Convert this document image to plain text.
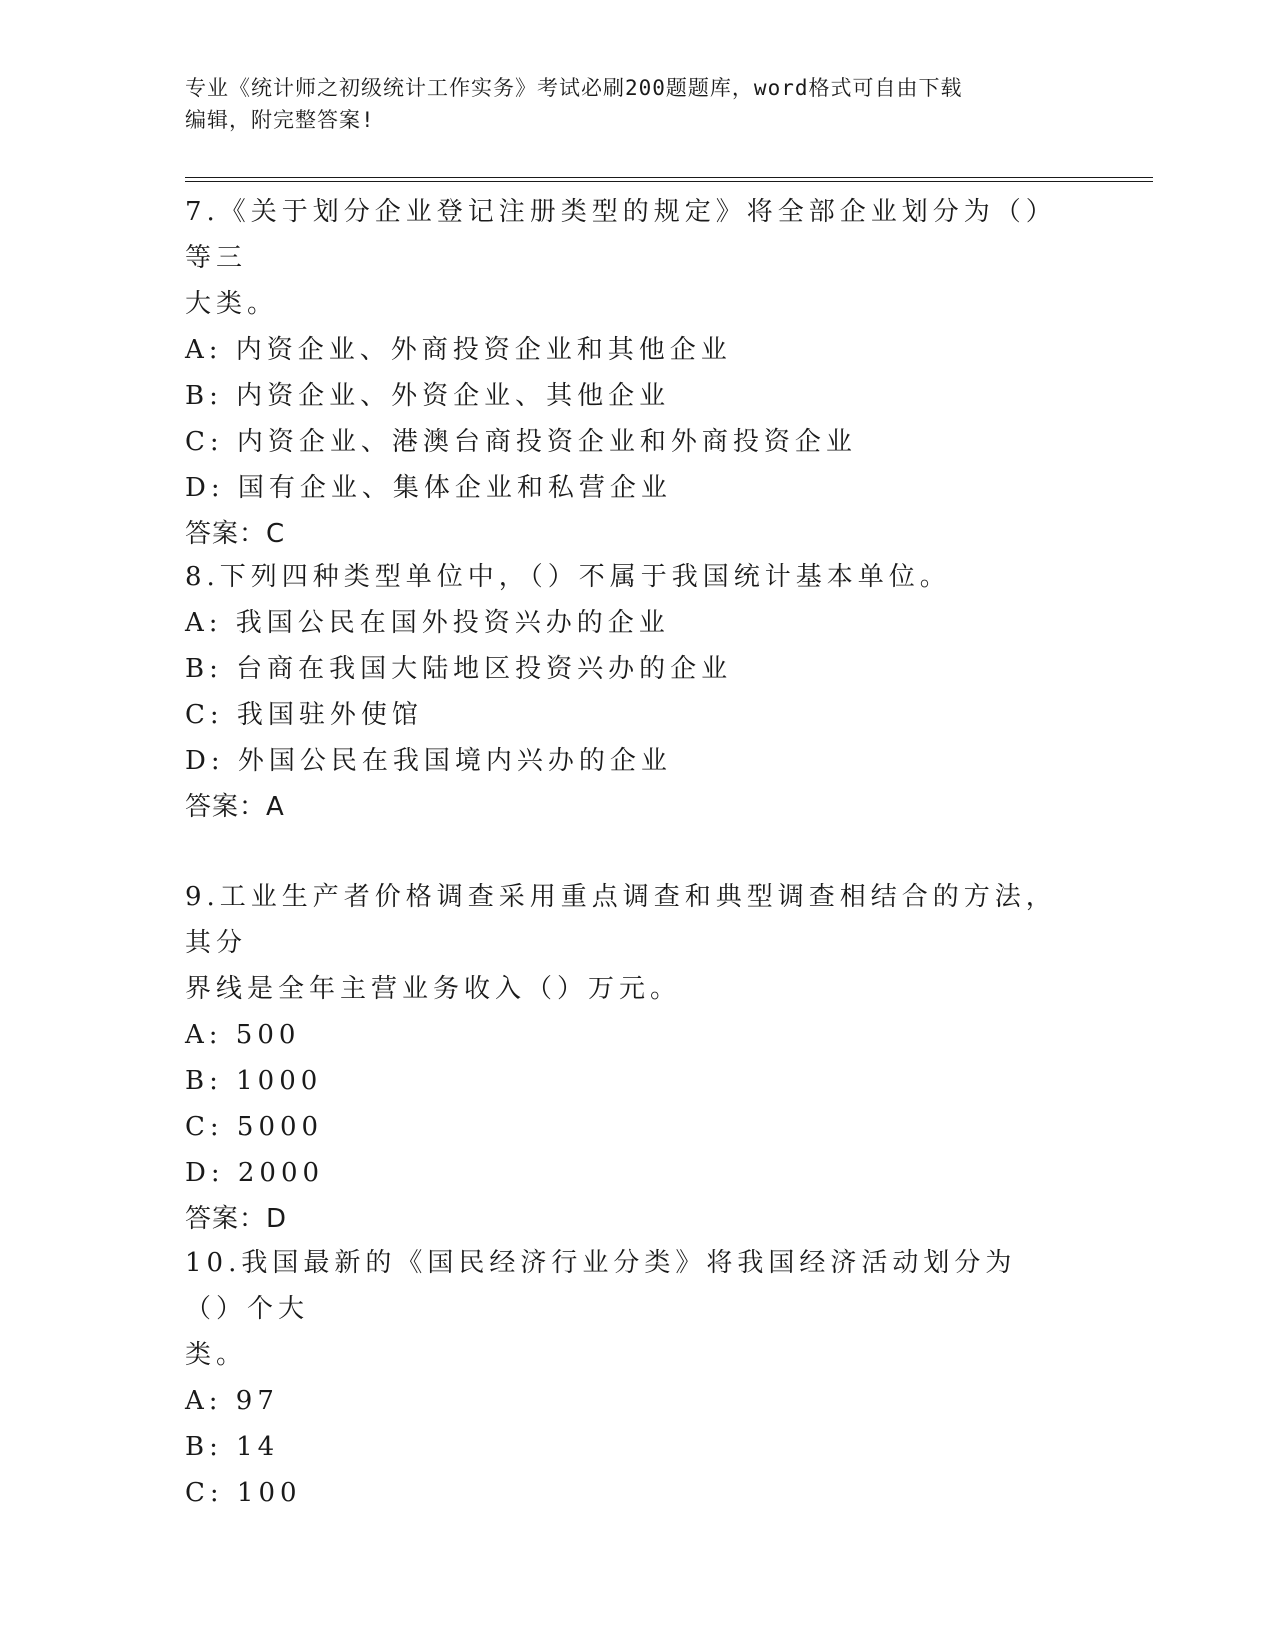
专业《统计师之初级统计工作实务》考试必刷200题题库，word格式可自由下载
编辑，附完整答案!

7.《关于划分企业登记注册类型的规定》将全部企业划分为（）等三

大类。

A: 内资企业、外商投资企业和其他企业

B: 内资企业、外资企业、其他企业

C: 内资企业、港澳台商投资企业和外商投资企业

D: 国有企业、集体企业和私营企业

答案：C

8.下列四种类型单位中，（）不属于我国统计基本单位。

A: 我国公民在国外投资兴办的企业

B: 台商在我国大陆地区投资兴办的企业

C: 我国驻外使馆

D: 外国公民在我国境内兴办的企业

答案：A

9.工业生产者价格调查采用重点调查和典型调查相结合的方法，其分

界线是全年主营业务收入（）万元。

A: 500

B: 1000

C: 5000

D: 2000

答案：D

10.我国最新的《国民经济行业分类》将我国经济活动划分为（）个大

类。

A: 97

B: 14

C: 100
